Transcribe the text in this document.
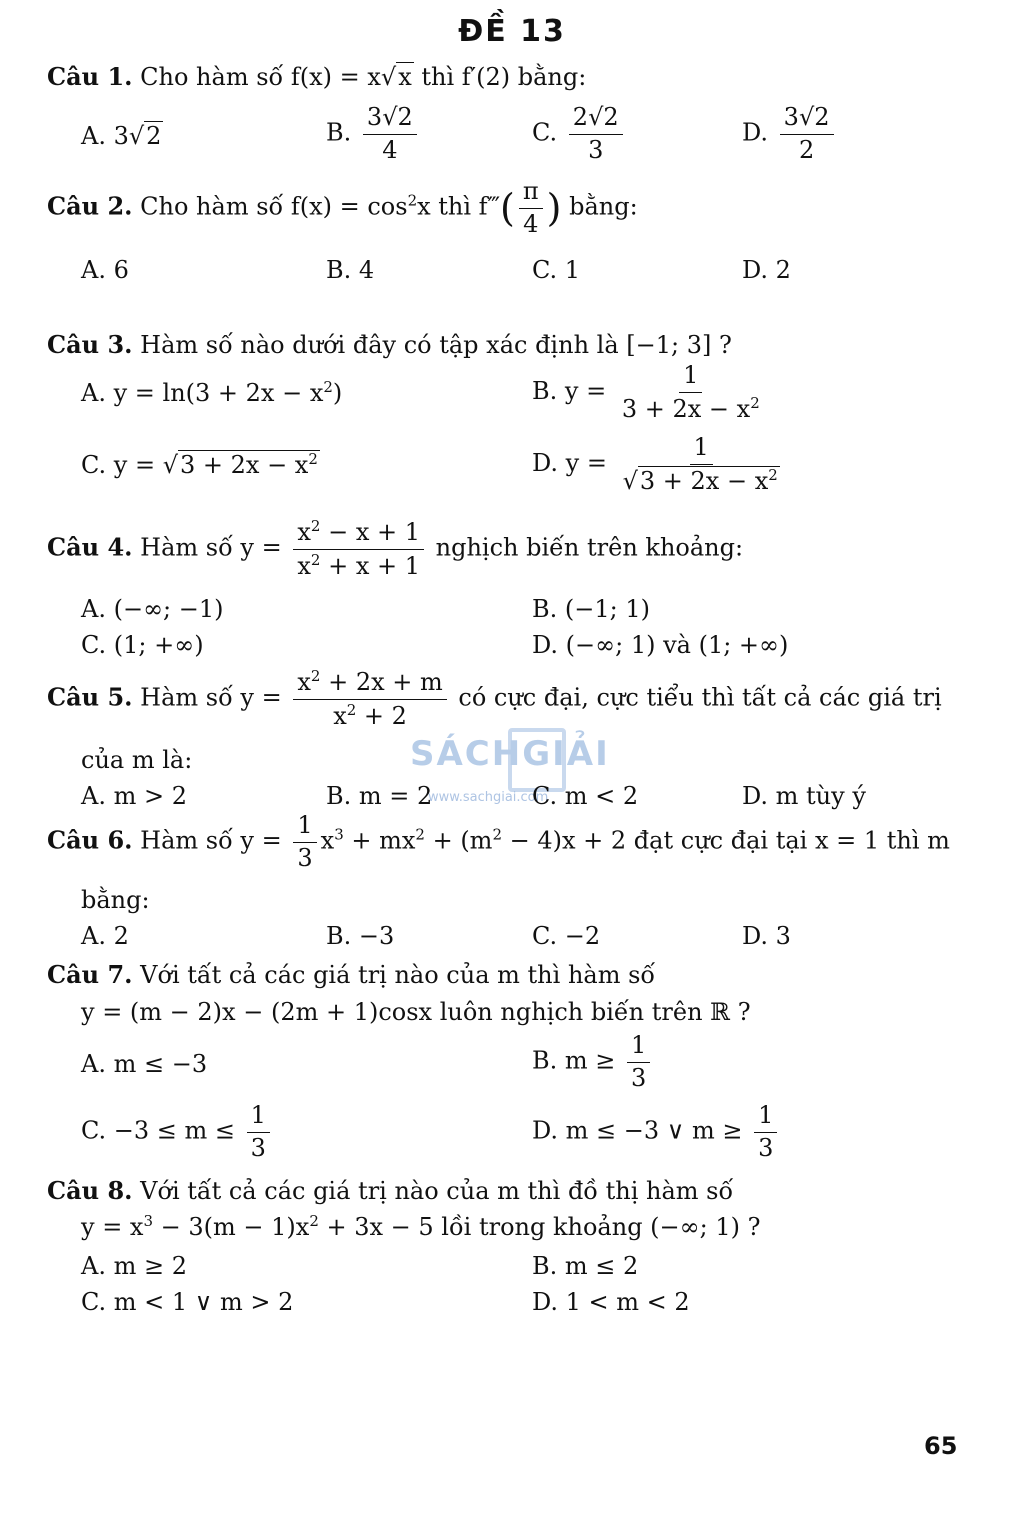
ĐỀ 13
Câu 1. Cho hàm số f(x) = x√x thì f′(2) bằng:
A. 3√2	B. $\frac{3√2}{4}$	C. $\frac{2√2}{3}$	D. $\frac{3√2}{2}$
Câu 2. Cho hàm số $f(x) = \cos^2x$ thì f‴( $\frac{\pi}{4}$ ) bằng:
A. 6	B. 4	C. 1	D. 2
Câu 3. Hàm số nào dưới đây có tập xác định là [−1; 3] ?
A. $y = \ln(3 + 2x - x^2)$	B. $y = \frac{1}{3 + 2x - x^2}$
C. $y = √3 + 2x - x^2$	D. $y = \frac{1}{√3 + 2x - x^2}$
Câu 4. Hàm số $y = \frac{x^2 - x + 1}{x^2 + x + 1}$ nghịch biến trên khoảng:
A. (−∞; −1)	B. (−1; 1)
C. (1; +∞)	D. (−∞; 1) và (1; +∞)
Câu 5. Hàm số $y = \frac{x^2 + 2x + m}{x^2 + 2}$ có cực đại, cực tiểu thì tất cả các giá trị
của m là:	SÁCHGIẢI
www.sachgiai.com
A. m > 2	B. m = 2	C. m < 2	D. m tùy ý
Câu 6. Hàm số $y = \frac{1}{3} x^3 + mx^2 + (m^2 - 4)x + 2$ đạt cực đại tại x = 1 thì m
bằng:
A. 2	B. −3	C. −2	D. 3
Câu 7. Với tất cả các giá trị nào của m thì hàm số
y = (m − 2)x − (2m + 1)cosx luôn nghịch biến trên ℝ ?
A. m ≤ −3	B. $m \ge \frac{1}{3}$
C. $-3 \le m \le \frac{1}{3}$	D. m ≤ −3 ∨ $m \ge \frac{1}{3}$
Câu 8. Với tất cả các giá trị nào của m thì đồ thị hàm số
$y = x^3 - 3(m - 1)x^2 + 3x - 5$ lồi trong khoảng (−∞; 1) ?
A. m ≥ 2	B. m ≤ 2
C. m < 1 ∨ m > 2	D. 1 < m < 2
65
